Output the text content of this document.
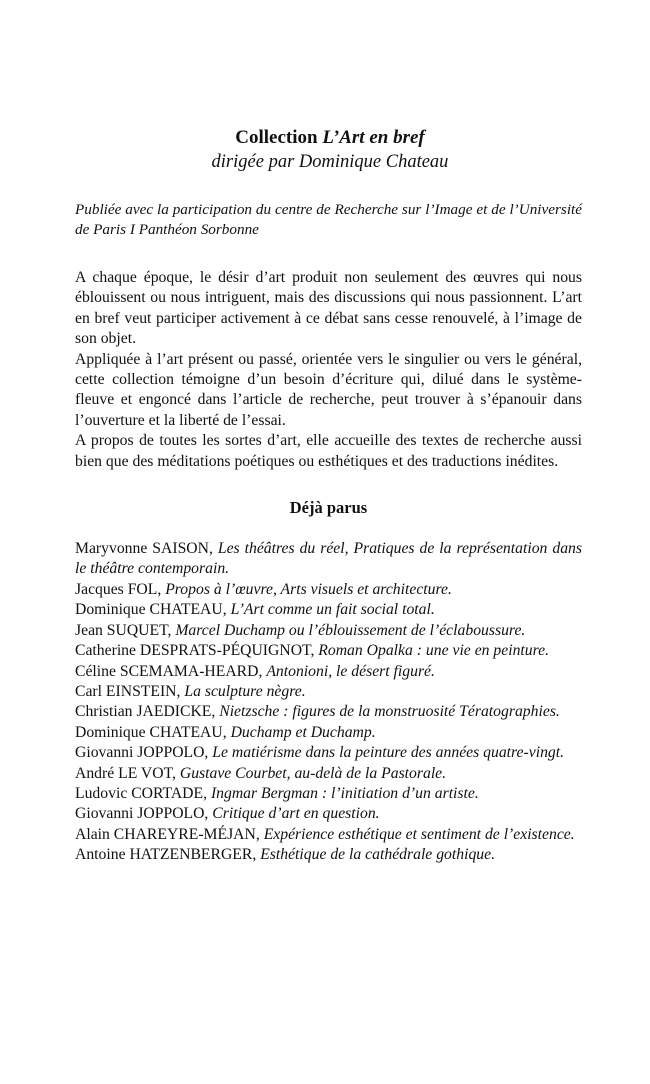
Collection L’Art en bref
dirigée par Dominique Chateau
Publiée avec la participation du centre de Recherche sur l’Image et de l’Université de Paris I Panthéon Sorbonne

A chaque époque, le désir d’art produit non seulement des œuvres qui nous éblouissent ou nous intriguent, mais des discussions qui nous passionnent. L’art en bref veut participer activement à ce débat sans cesse renouvelé, à l’image de son objet.

Appliquée à l’art présent ou passé, orientée vers le singulier ou vers le général, cette collection témoigne d’un besoin d’écriture qui, dilué dans le système-fleuve et engoncé dans l’article de recherche, peut trouver à s’épanouir dans l’ouverture et la liberté de l’essai.

A propos de toutes les sortes d’art, elle accueille des textes de recherche aussi bien que des méditations poétiques ou esthétiques et des traductions inédites.

Déjà parus
Maryvonne SAISON, Les théâtres du réel, Pratiques de la représentation dans le théâtre contemporain.
Jacques FOL, Propos à l’œuvre, Arts visuels et architecture.
Dominique CHATEAU, L’Art comme un fait social total.
Jean SUQUET, Marcel Duchamp ou l’éblouissement de l’éclaboussure.
Catherine DESPRATS-PÉQUIGNOT, Roman Opalka : une vie en peinture.
Céline SCEMAMA-HEARD, Antonioni, le désert figuré.
Carl EINSTEIN, La sculpture nègre.
Christian JAEDICKE, Nietzsche : figures de la monstruosité Tératographies.
Dominique CHATEAU, Duchamp et Duchamp.
Giovanni JOPPOLO, Le matiérisme dans la peinture des années quatre-vingt.
André LE VOT, Gustave Courbet, au-delà de la Pastorale.
Ludovic CORTADE, Ingmar Bergman : l’initiation d’un artiste.
Giovanni JOPPOLO, Critique d’art en question.
Alain CHAREYRE-MÉJAN, Expérience esthétique et sentiment de l’existence.
Antoine HATZENBERGER, Esthétique de la cathédrale gothique.
